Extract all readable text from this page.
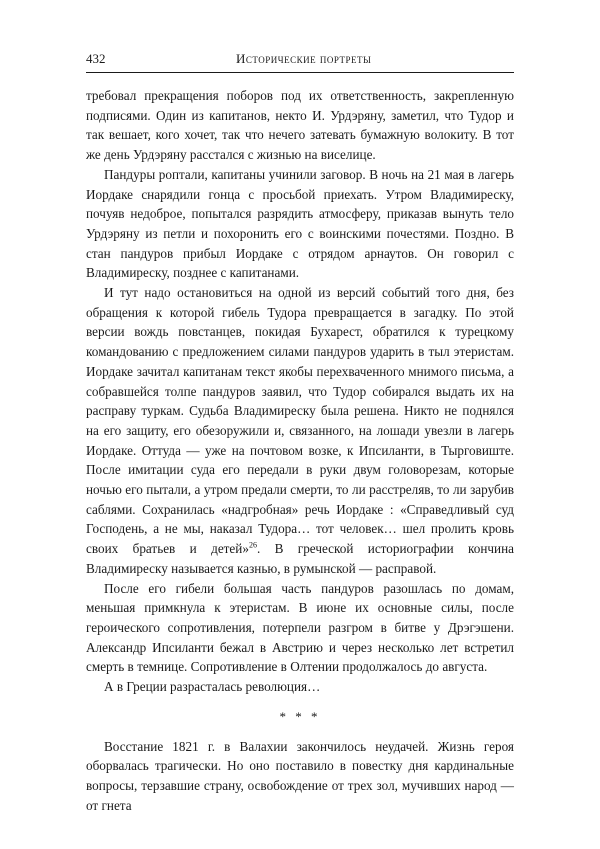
432	Исторические портреты

требовал прекращения поборов под их ответственность, закрепленную подписями. Один из капитанов, некто И. Урдэряну, заметил, что Тудор и так вешает, кого хочет, так что нечего затевать бумажную волокиту. В тот же день Урдэряну расстался с жизнью на виселице.

Пандуры роптали, капитаны учинили заговор. В ночь на 21 мая в лагерь Иордаке снарядили гонца с просьбой приехать. Утром Владимиреску, почуяв недоброе, попытался разрядить атмосферу, приказав вынуть тело Урдэряну из петли и похоронить его с воинскими почестями. Поздно. В стан пандуров прибыл Иордаке с отрядом арнаутов. Он говорил с Владимиреску, позднее с капитанами.

И тут надо остановиться на одной из версий событий того дня, без обращения к которой гибель Тудора превращается в загадку. По этой версии вождь повстанцев, покидая Бухарест, обратился к турецкому командованию с предложением силами пандуров ударить в тыл этеристам. Иордаке зачитал капитанам текст якобы перехваченного мнимого письма, а собравшейся толпе пандуров заявил, что Тудор собирался выдать их на расправу туркам. Судьба Владимиреску была решена. Никто не поднялся на его защиту, его обезоружили и, связанного, на лошади увезли в лагерь Иордаке. Оттуда — уже на почтовом возке, к Ипсиланти, в Тырговиште. После имитации суда его передали в руки двум головорезам, которые ночью его пытали, а утром предали смерти, то ли расстреляв, то ли зарубив саблями. Сохранилась «надгробная» речь Иордаке : «Справедливый суд Господень, а не мы, наказал Тудора… тот человек… шел пролить кровь своих братьев и детей»$^{26}$. В греческой историографии кончина Владимиреску называется казнью, в румынской — расправой.

После его гибели большая часть пандуров разошлась по домам, меньшая примкнула к этеристам. В июне их основные силы, после героического сопротивления, потерпели разгром в битве у Дрэгэшени. Александр Ипсиланти бежал в Австрию и через несколько лет встретил смерть в темнице. Сопротивление в Олтении продолжалось до августа.

А в Греции разрасталась революция…

* * *

Восстание 1821 г. в Валахии закончилось неудачей. Жизнь героя оборвалась трагически. Но оно поставило в повестку дня кардинальные вопросы, терзавшие страну, освобождение от трех зол, мучивших народ — от гнета
